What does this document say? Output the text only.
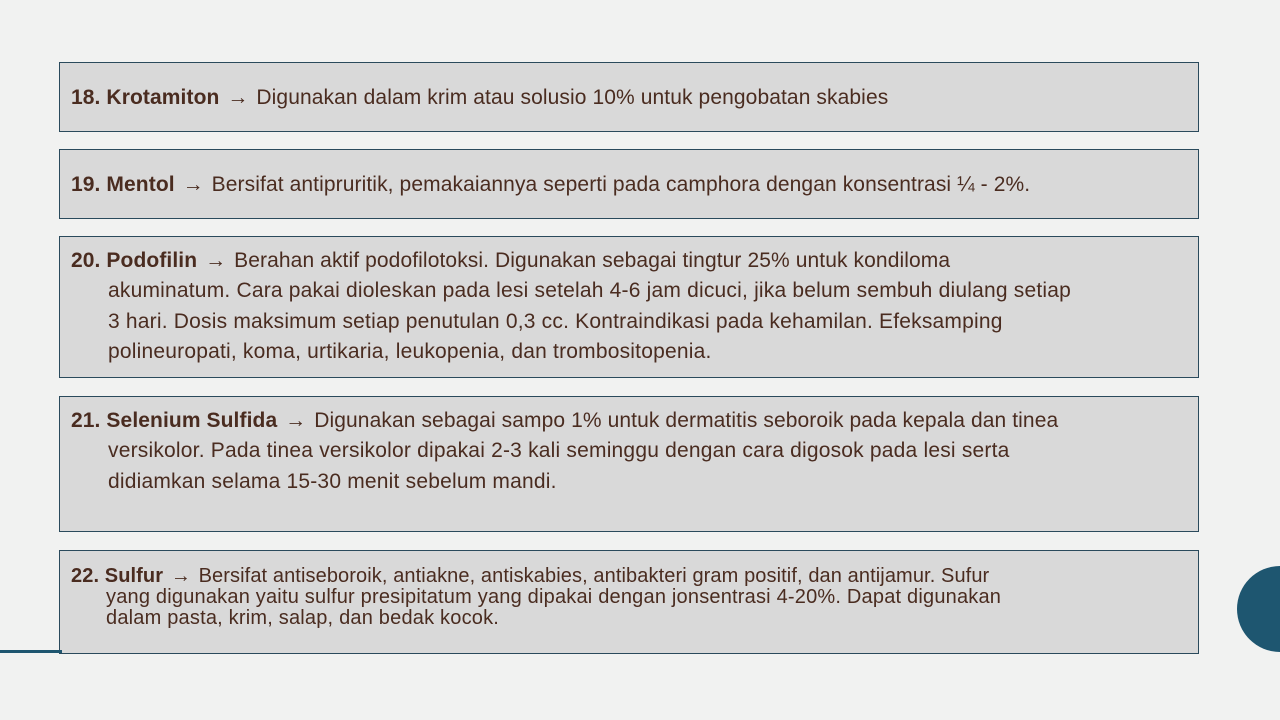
18. Krotamiton → Digunakan dalam krim atau solusio 10% untuk pengobatan skabies
19. Mentol → Bersifat antipruritik, pemakaiannya seperti pada camphora dengan konsentrasi ¼ - 2%.
20. Podofilin → Berahan aktif podofilotoksi. Digunakan sebagai tingtur 25% untuk kondiloma
akuminatum. Cara pakai dioleskan pada lesi setelah 4-6 jam dicuci, jika belum sembuh diulang setiap
3 hari. Dosis maksimum setiap penutulan 0,3 cc. Kontraindikasi pada kehamilan. Efeksamping
polineuropati, koma, urtikaria, leukopenia, dan trombositopenia.
21. Selenium Sulfida → Digunakan sebagai sampo 1% untuk dermatitis seboroik pada kepala dan tinea
versikolor. Pada tinea versikolor dipakai 2-3 kali seminggu dengan cara digosok pada lesi serta
didiamkan selama 15-30 menit sebelum mandi.
22. Sulfur → Bersifat antiseboroik, antiakne, antiskabies, antibakteri gram positif, dan antijamur. Sufur
yang digunakan yaitu sulfur presipitatum yang dipakai dengan jonsentrasi 4-20%. Dapat digunakan
dalam pasta, krim, salap, dan bedak kocok.
